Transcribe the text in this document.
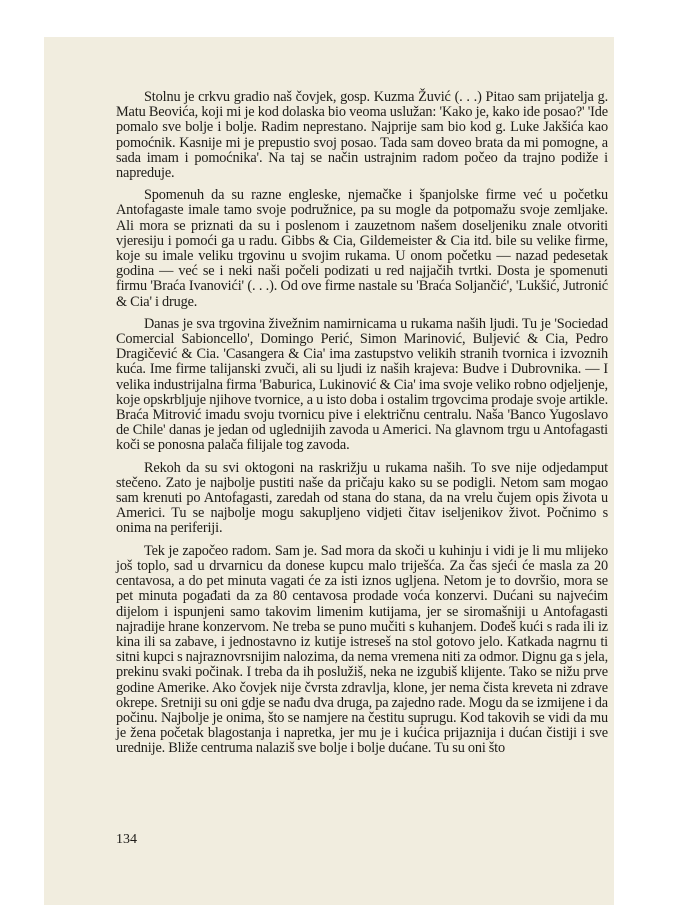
Stolnu je crkvu gradio naš čovjek, gosp. Kuzma Žuvić (. . .) Pitao sam prijatelja g. Matu Beovića, koji mi je kod dolaska bio veoma uslužan: 'Kako je, kako ide posao?' 'Ide pomalo sve bolje i bolje. Radim neprestano. Najprije sam bio kod g. Luke Jakšića kao pomoćnik. Kasnije mi je prepustio svoj posao. Tada sam doveo brata da mi pomogne, a sada imam i pomoćnika'. Na taj se način ustrajnim radom počeo da trajno podiže i napreduje.

Spomenuh da su razne engleske, njemačke i španjolske firme već u početku Antofagaste imale tamo svoje podružnice, pa su mogle da potpomažu svoje zemljake. Ali mora se priznati da su i poslenom i zauzetnom našem doseljeniku znale otvoriti vjeresiju i pomoći ga u radu. Gibbs & Cia, Gildemeister & Cia itd. bile su velike firme, koje su imale veliku trgovinu u svojim rukama. U onom početku — nazad pedesetak godina — već se i neki naši počeli podizati u red najjačih tvrtki. Dosta je spomenuti firmu 'Braća Ivanovići' (. . .). Od ove firme nastale su 'Braća Soljančić', 'Lukšić, Jutronić & Cia' i druge.

Danas je sva trgovina živežnim namirnicama u rukama naših ljudi. Tu je 'Sociedad Comercial Sabioncello', Domingo Perić, Simon Marinović, Buljević & Cia, Pedro Dragičević & Cia. 'Casangera & Cia' ima zastupstvo velikih stranih tvornica i izvoznih kuća. Ime firme talijanski zvuči, ali su ljudi iz naših krajeva: Budve i Dubrovnika. — I velika industrijalna firma 'Baburica, Lukinović & Cia' ima svoje veliko robno odjeljenje, koje opskrbljuje njihove tvornice, a u isto doba i ostalim trgovcima prodaje svoje artikle. Braća Mitrović imadu svoju tvornicu pive i električnu centralu. Naša 'Banco Yugoslavo de Chile' danas je jedan od uglednijih zavoda u Americi. Na glavnom trgu u Antofagasti koči se ponosna palača filijale tog zavoda.

Rekoh da su svi oktogoni na raskrižju u rukama naših. To sve nije odjedamput stečeno. Zato je najbolje pustiti naše da pričaju kako su se podigli. Netom sam mogao sam krenuti po Antofagasti, zaredah od stana do stana, da na vrelu čujem opis života u Americi. Tu se najbolje mogu sakupljeno vidjeti čitav iseljenikov život. Počnimo s onima na periferiji.

Tek je započeo radom. Sam je. Sad mora da skoči u kuhinju i vidi je li mu mlijeko još toplo, sad u drvarnicu da donese kupcu malo triješća. Za čas sjeći će masla za 20 centavosa, a do pet minuta vagati će za isti iznos ugljena. Netom je to dovršio, mora se pet minuta pogađati da za 80 centavosa prodade voća konzervi. Dućani su najvećim dijelom i ispunjeni samo takovim limenim kutijama, jer se siromašniji u Antofagasti najradije hrane konzervom. Ne treba se puno mučiti s kuhanjem. Dođeš kući s rada ili iz kina ili sa zabave, i jednostavno iz kutije istreseš na stol gotovo jelo. Katkada nagrnu ti sitni kupci s najraznovrsnijim nalozima, da nema vremena niti za odmor. Dignu ga s jela, prekinu svaki počinak. I treba da ih poslužiš, neka ne izgubiš klijente. Tako se nižu prve godine Amerike. Ako čovjek nije čvrsta zdravlja, klone, jer nema čista kreveta ni zdrave okrepe. Sretniji su oni gdje se nađu dva druga, pa zajedno rade. Mogu da se izmijene i da počinu. Najbolje je onima, što se namjere na čestitu suprugu. Kod takovih se vidi da mu je žena početak blagostanja i napretka, jer mu je i kućica prijaznija i dućan čistiji i sve urednije. Bliže centruma nalaziš sve bolje i bolje dućane. Tu su oni što

134
